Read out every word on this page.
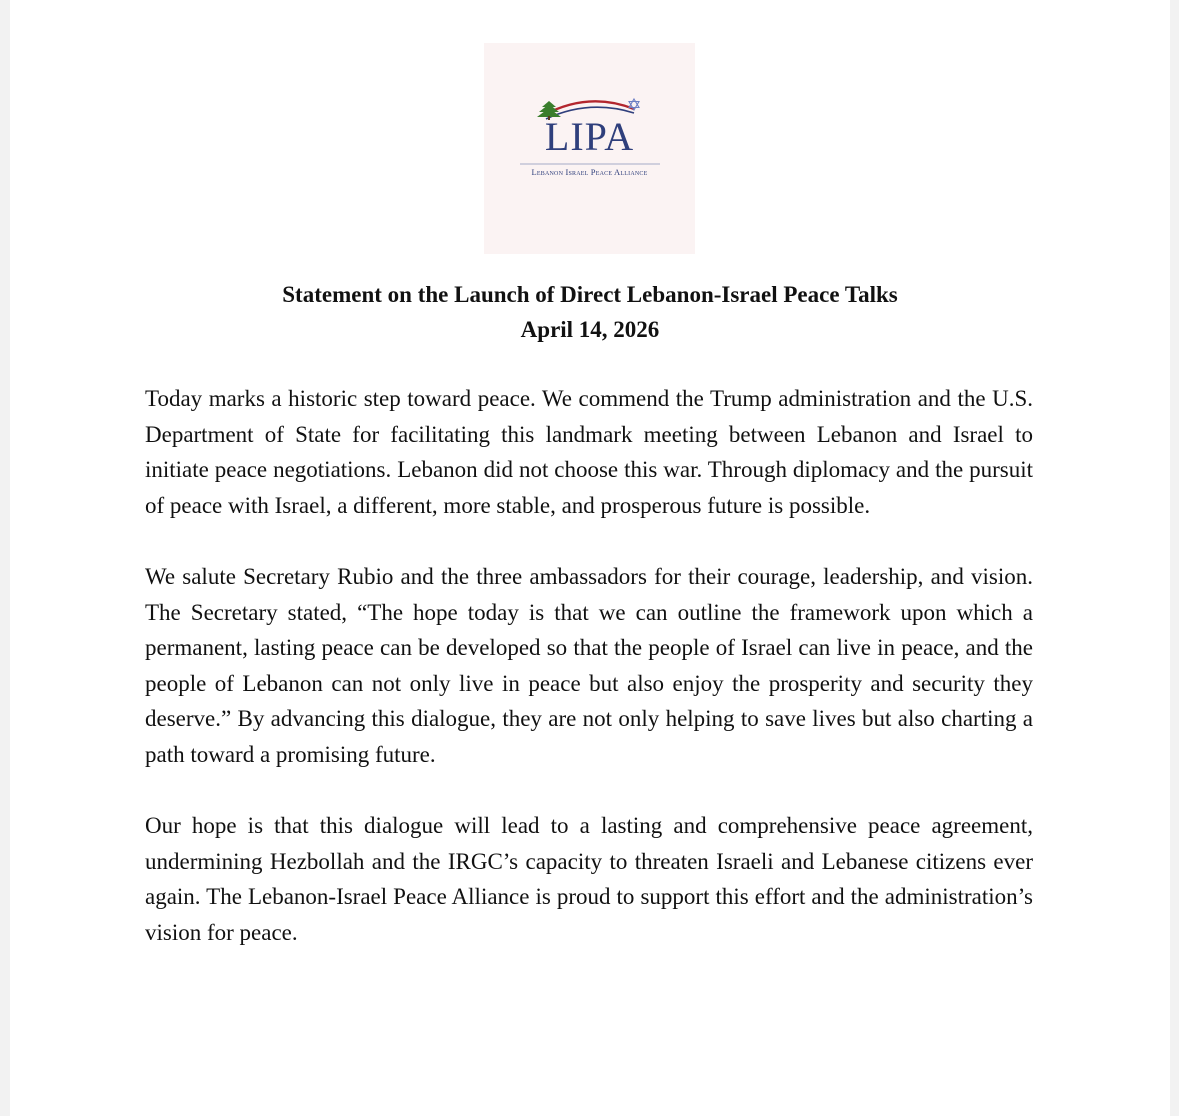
LIPA
Lebanon Israel Peace Alliance
Statement on the Launch of Direct Lebanon-Israel Peace Talks
April 14, 2026

Today marks a historic step toward peace. We commend the Trump administration and the U.S. Department of State for facilitating this landmark meeting between Lebanon and Israel to initiate peace negotiations. Lebanon did not choose this war. Through diplomacy and the pursuit of peace with Israel, a different, more stable, and prosperous future is possible.

We salute Secretary Rubio and the three ambassadors for their courage, leadership, and vision. The Secretary stated, “The hope today is that we can outline the framework upon which a permanent, lasting peace can be developed so that the people of Israel can live in peace, and the people of Lebanon can not only live in peace but also enjoy the prosperity and security they deserve.” By advancing this dialogue, they are not only helping to save lives but also charting a path toward a promising future.

Our hope is that this dialogue will lead to a lasting and comprehensive peace agreement, undermining Hezbollah and the IRGC’s capacity to threaten Israeli and Lebanese citizens ever again. The Lebanon-Israel Peace Alliance is proud to support this effort and the administration’s vision for peace.
